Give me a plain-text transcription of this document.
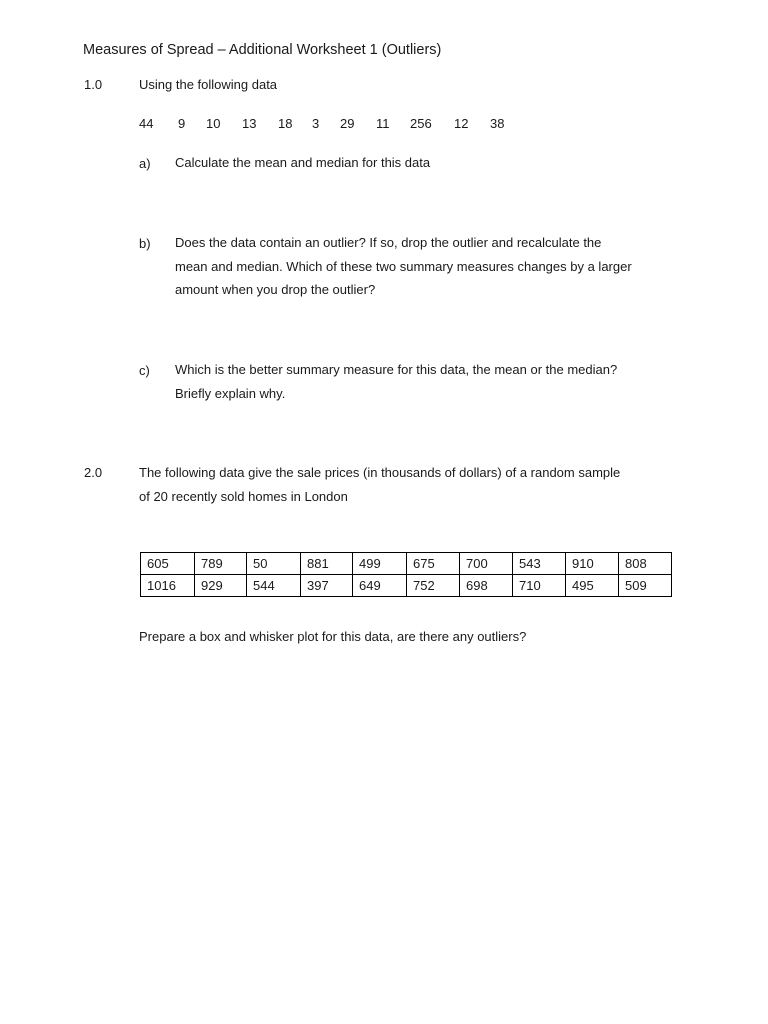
Measures of Spread – Additional Worksheet 1 (Outliers)
1.0	Using the following data
44 9 10 13 18 3 29 11 256 12 38
a) Calculate the mean and median for this data
b) Does the data contain an outlier? If so, drop the outlier and recalculate the
mean and median. Which of these two summary measures changes by a larger
amount when you drop the outlier?
c) Which is the better summary measure for this data, the mean or the median?
Briefly explain why.
2.0	The following data give the sale prices (in thousands of dollars) of a random sample
of 20 recently sold homes in London
605	789	50	881	499	675	700	543	910	808
1016	929	544	397	649	752	698	710	495	509
Prepare a box and whisker plot for this data, are there any outliers?
